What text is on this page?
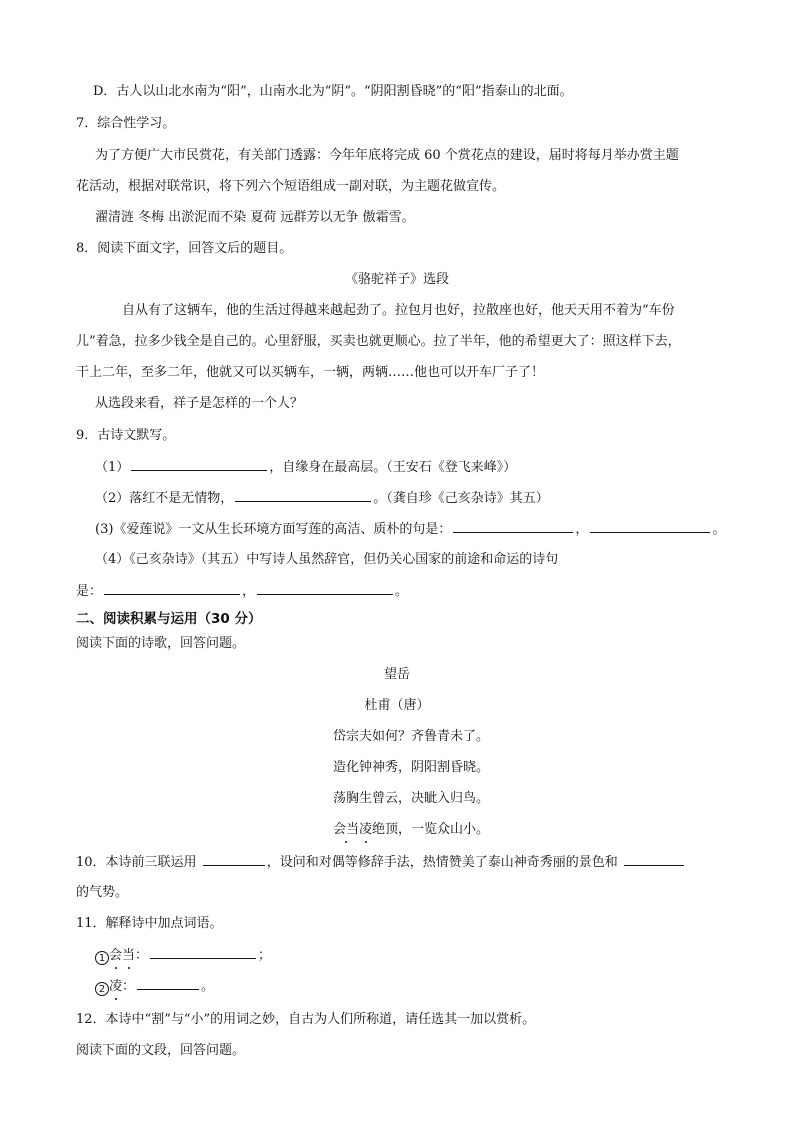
D．古人以山北水南为“阳”，山南水北为“阴”。“阴阳割昏晓”的“阳”指泰山的北面。
7．综合性学习。
为了方便广大市民赏花，有关部门透露：今年年底将完成 60 个赏花点的建设，届时将每月举办赏主题
花活动，根据对联常识，将下列六个短语组成一副对联，为主题花做宣传。
濯清涟 冬梅 出淤泥而不染 夏荷 远群芳以无争 傲霜雪。
8．阅读下面文字，回答文后的题目。
《骆驼祥子》选段
自从有了这辆车，他的生活过得越来越起劲了。拉包月也好，拉散座也好，他天天用不着为“车份
儿”着急，拉多少钱全是自己的。心里舒服，买卖也就更顺心。拉了半年，他的希望更大了：照这样下去，
干上二年，至多二年，他就又可以买辆车，一辆，两辆……他也可以开车厂子了！
从选段来看，祥子是怎样的一个人？
9．古诗文默写。
（1）	，自缘身在最高层。（王安石《登飞来峰》）
（2）落红不是无情物，	。（龚自珍《己亥杂诗》其五）
(3)《爱莲说》一文从生长环境方面写莲的高洁、质朴的句是：	，	。
（4）《己亥杂诗》（其五）中写诗人虽然辞官，但仍关心国家的前途和命运的诗句
是：	，	。
二、阅读积累与运用（30 分）
阅读下面的诗歌，回答问题。
望岳
杜甫（唐）
岱宗夫如何？齐鲁青未了。
造化钟神秀，阴阳割昏晓。
荡胸生曾云，决眦入归鸟。
会当凌绝顶，一览众山小。
10．本诗前三联运用	，设问和对偶等修辞手法，热情赞美了泰山神奇秀丽的景色和
的气势。
11．解释诗中加点词语。
1 会当：	；
2 凌：	。
12．本诗中“割”与“小”的用词之妙，自古为人们所称道，请任选其一加以赏析。
阅读下面的文段，回答问题。
